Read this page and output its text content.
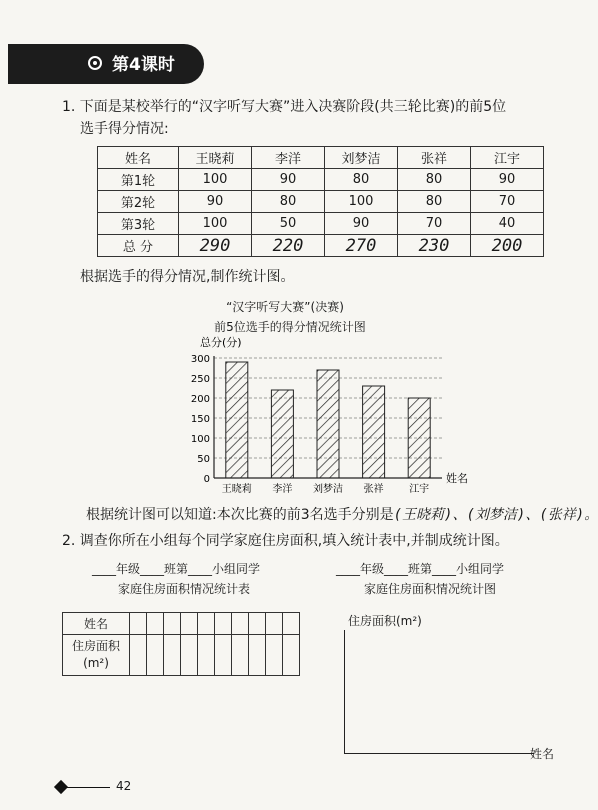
第4课时
1. 下面是某校举行的“汉字听写大赛”进入决赛阶段(共三轮比赛)的前5位
选手得分情况:
姓名	王晓莉	李洋	刘梦洁	张祥	江宇
第1轮	100	90	80	80	90
第2轮	90	80	100	80	70
第3轮	100	50	90	70	40
总 分	290	220	270	230	200
根据选手的得分情况,制作统计图。
“汉字听写大赛”(决赛)
前5位选手的得分情况统计图
总分(分)
姓名
0
50
100
150
200
250
300
王晓莉 李洋 刘梦洁 张祥	江宇
根据统计图可以知道:本次比赛的前3名选手分别是(王晓莉)、(刘梦洁)、(张祥)。
2. 调查你所在小组每个同学家庭住房面积,填入统计表中,并制成统计图。
____年级____班第____小组同学
家庭住房面积情况统计表
____年级____班第____小组同学
家庭住房面积情况统计图
姓名										
住房面积
(m²)										
住房面积(m²)
姓名
42
